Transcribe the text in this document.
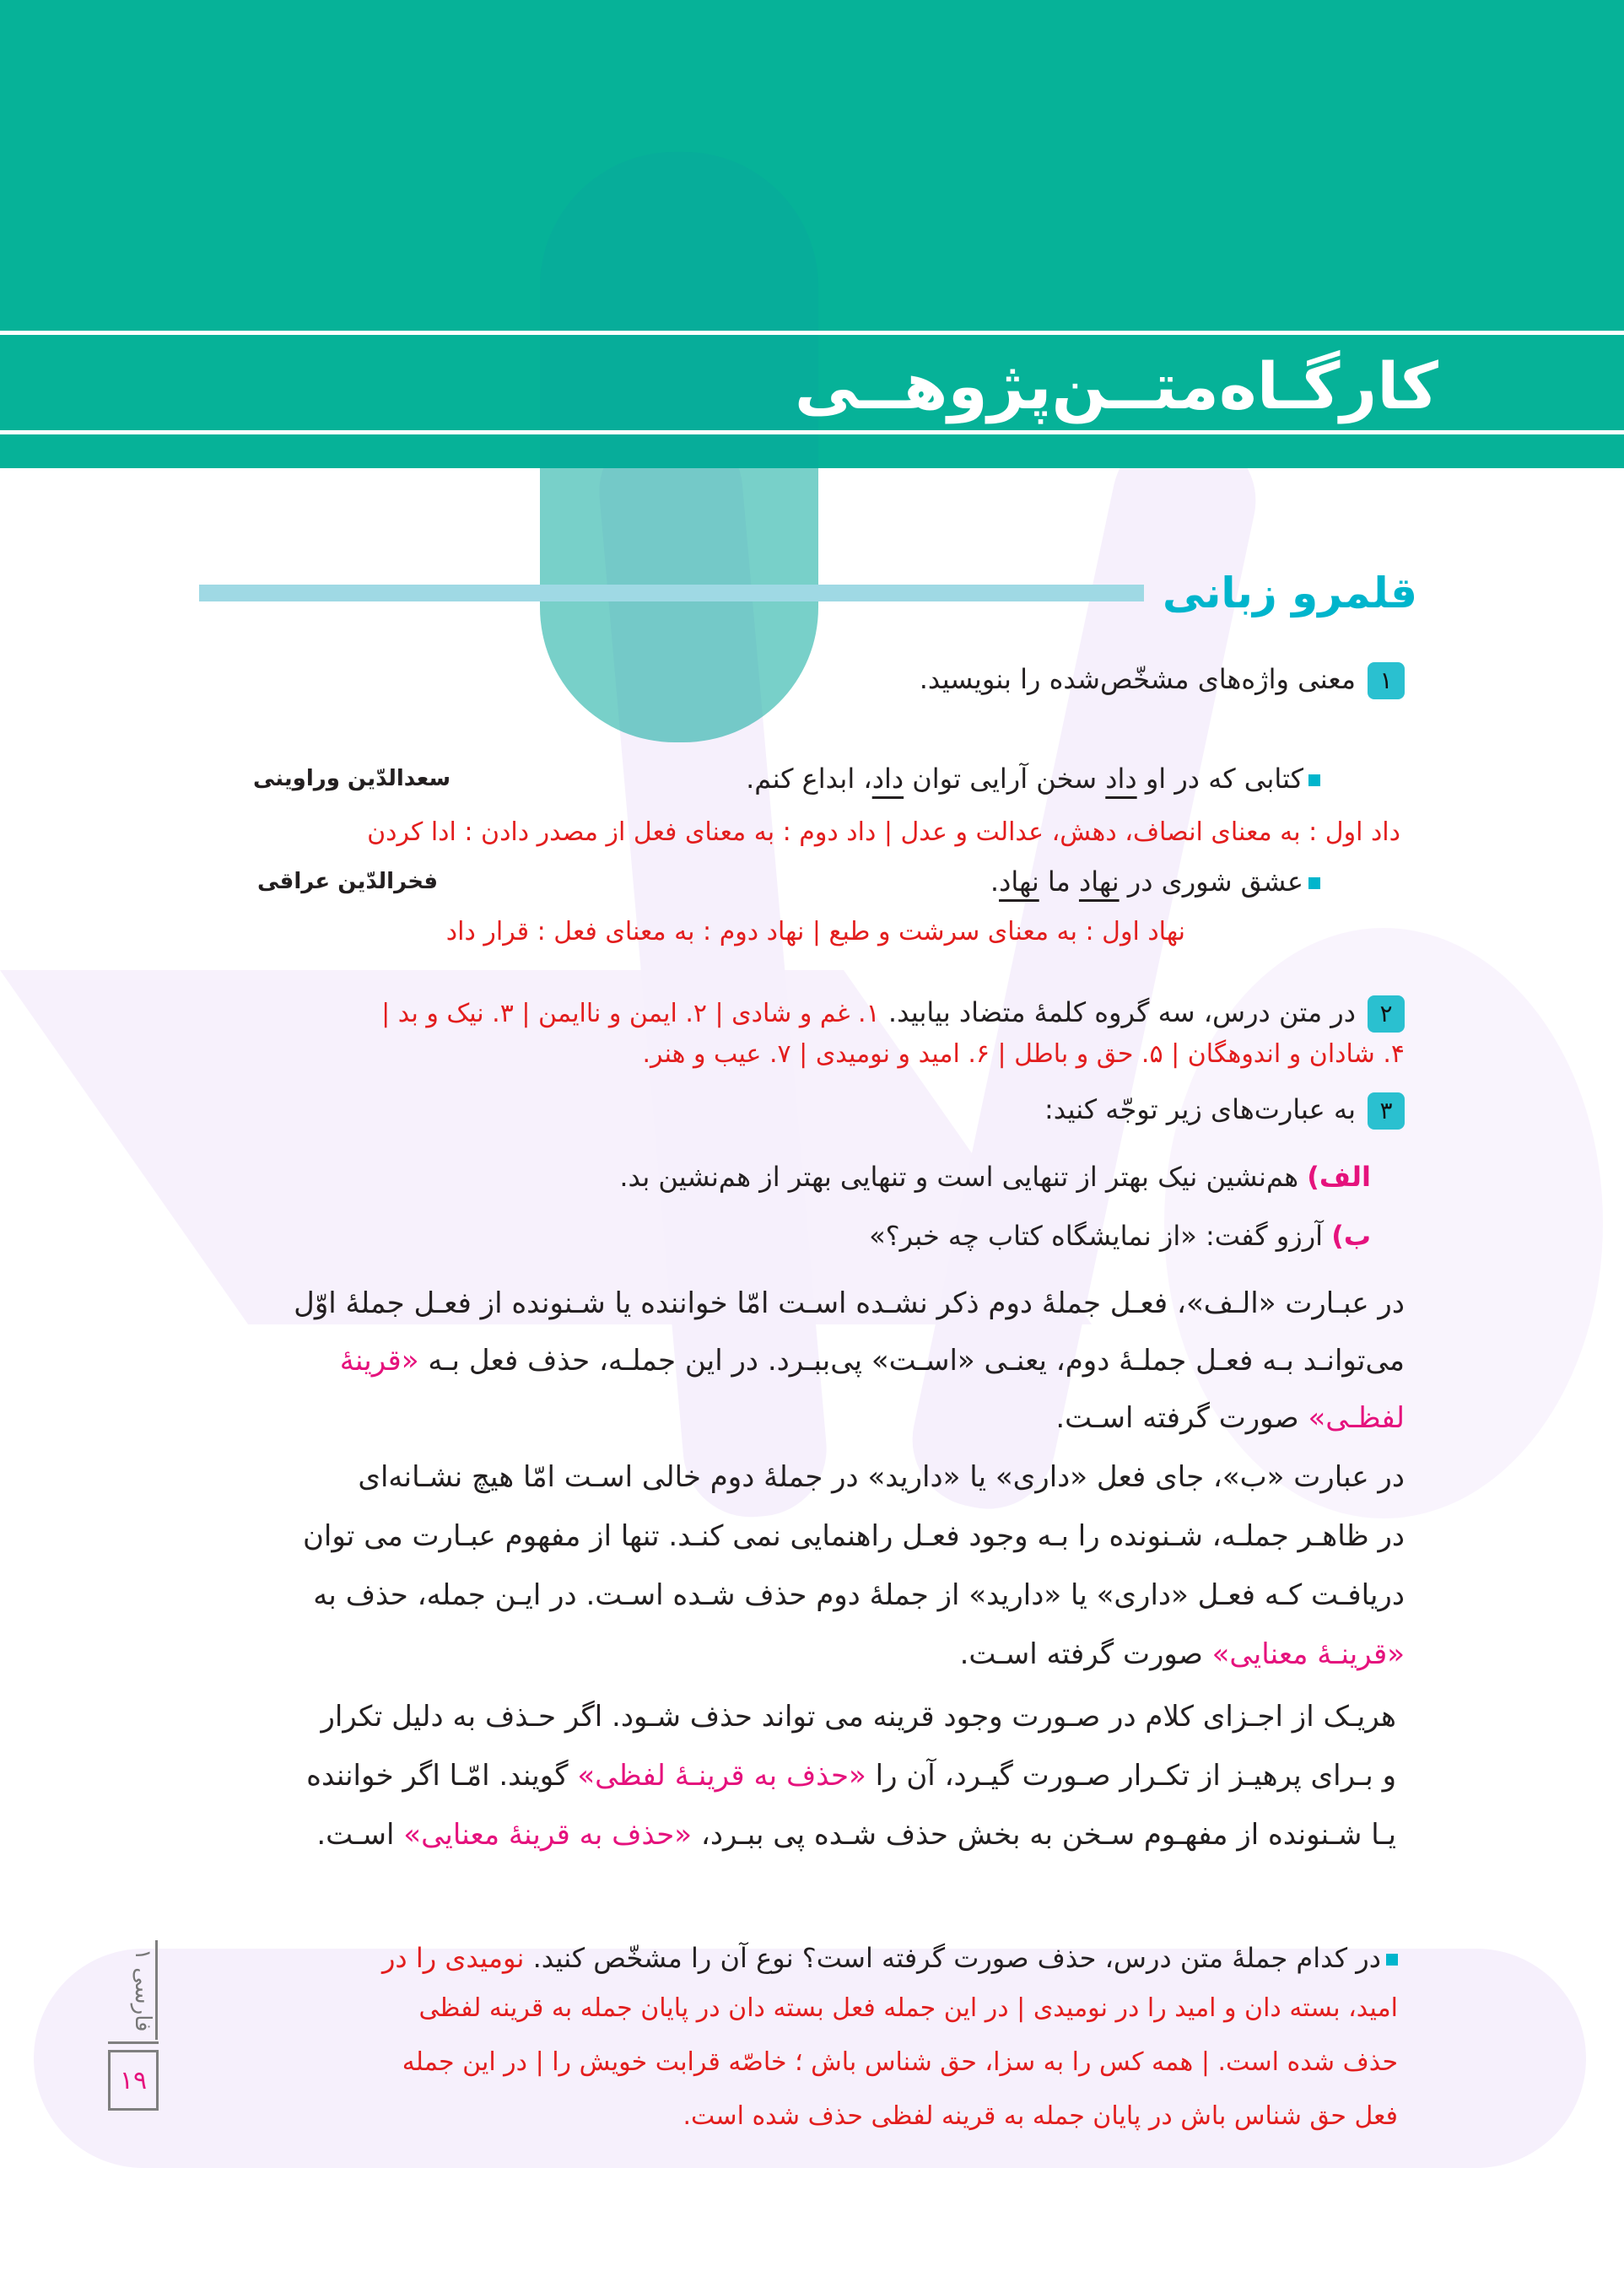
کارگـاه‌متــن‌پژوهــی
قلمرو زبانی
۱معنی واژه‌های مشخّص‌شده را بنویسید.
کتابی که در او داد سخن آرایی توان داد، ابداع کنم.
سعدالدّین وراوینی
داد اول : به معنای انصاف، دهش، عدالت و عدل | داد دوم : به معنای فعل از مصدر دادن : ادا کردن
عشق شوری در نهاد ما نهاد.
فخرالدّین عراقی
نهاد اول : به معنای سرشت و طبع | نهاد دوم : به معنای فعل : قرار داد
۲در متن درس، سه گروه کلمهٔ متضاد بیابید. ۱. غم و شادی | ۲. ایمن و ناایمن | ۳. نیک و بد |
۴. شادان و اندوهگان | ۵. حق و باطل | ۶. امید و نومیدی | ۷. عیب و هنر.
۳به عبارت‌های زیر توجّه کنید:
الف) هم‌نشین نیک بهتر از تنهایی است و تنهایی بهتر از هم‌نشین بد.
ب) آرزو گفت: «از نمایشگاه کتاب چه خبر؟»
در عبـارت «الـف»، فعـل جملهٔ دوم ذکر نشـده اسـت امّا خواننده یا شـنونده از فعـل جملهٔ اوّل
می‌توانـد بـه فعـل جملـهٔ دوم، یعنـی «اسـت» پی‌ببـرد. در این جملـه، حذف فعل بـه «قرینهٔ
لفظـی» صورت گرفته اسـت.
در عبارت «ب»، جای فعل «داری» یا «دارید» در جملهٔ دوم خالی اسـت امّا هیچ نشـانه‌ای
در ظاهـر جملـه، شـنونده را بـه وجود فعـل راهنمایی نمی کنـد. تنها از مفهوم عبـارت می توان
دریافـت کـه فعـل «داری» یا «دارید» از جملهٔ دوم حذف شـده اسـت. در ایـن جمله، حذف به
«قرینـهٔ معنایی» صورت گرفته اسـت.
هریـک از اجـزای کلام در صـورت وجود قرینه می تواند حذف شـود. اگر حـذف به دلیل تکرار
و بـرای پرهیـز از تکـرار صـورت گیـرد، آن را «حذف به قرینـهٔ لفظی» گویند. امّـا اگر خواننده
یـا شـنونده از مفهـوم سـخن به بخش حذف شـده پی ببـرد، «حذف به قرینهٔ معنایی» اسـت.
در کدام جملهٔ متن درس، حذف صورت گرفته است؟ نوع آن را مشخّص کنید. نومیدی را در
امید، بسته دان و امید را در نومیدی | در این جمله فعل بسته دان در پایان جمله به قرینه لفظی
حذف شده است. | همه کس را به سزا، حق شناس باش ؛ خاصّه قرابت خویش را | در این جمله
فعل حق شناس باش در پایان جمله به قرینه لفظی حذف شده است.
فارسی ۱
۱۹
